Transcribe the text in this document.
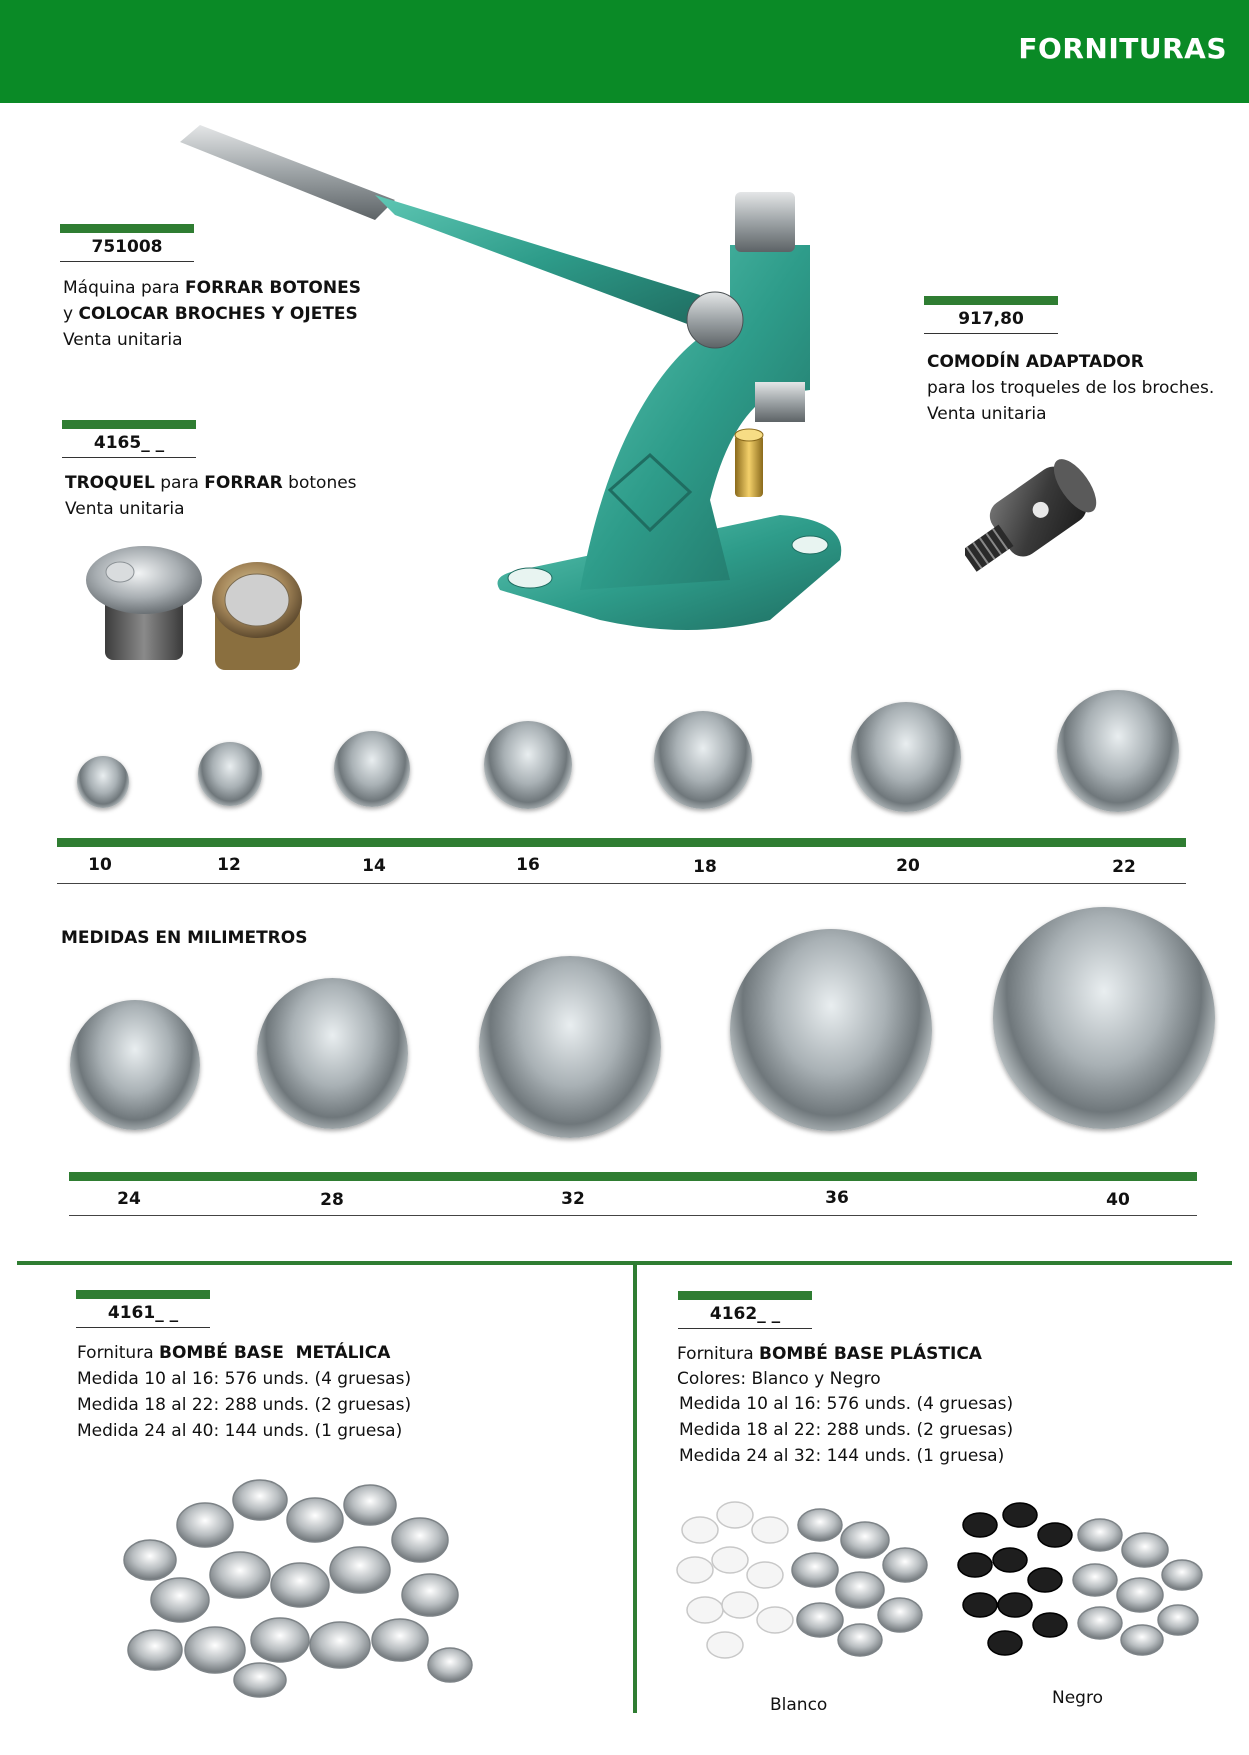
FORNITURAS
751008
Máquina para FORRAR BOTONES
y COLOCAR BROCHES Y OJETES
Venta unitaria
4165_ _
TROQUEL para FORRAR botones
Venta unitaria
917,80
COMODÍN ADAPTADOR
para los troqueles de los broches.
Venta unitaria
10	12	14	16	18	20	22
MEDIDAS EN MILIMETROS
24	28	32	36	40
4161_ _
Fornitura BOMBÉ BASE  METÁLICA
Medida 10 al 16: 576 unds. (4 gruesas)
Medida 18 al 22: 288 unds. (2 gruesas)
Medida 24 al 40: 144 unds. (1 gruesa)
4162_ _
Fornitura BOMBÉ BASE PLÁSTICA
Colores: Blanco y Negro
Medida 10 al 16: 576 unds. (4 gruesas)
Medida 18 al 22: 288 unds. (2 gruesas)
Medida 24 al 32: 144 unds. (1 gruesa)
Blanco	Negro
